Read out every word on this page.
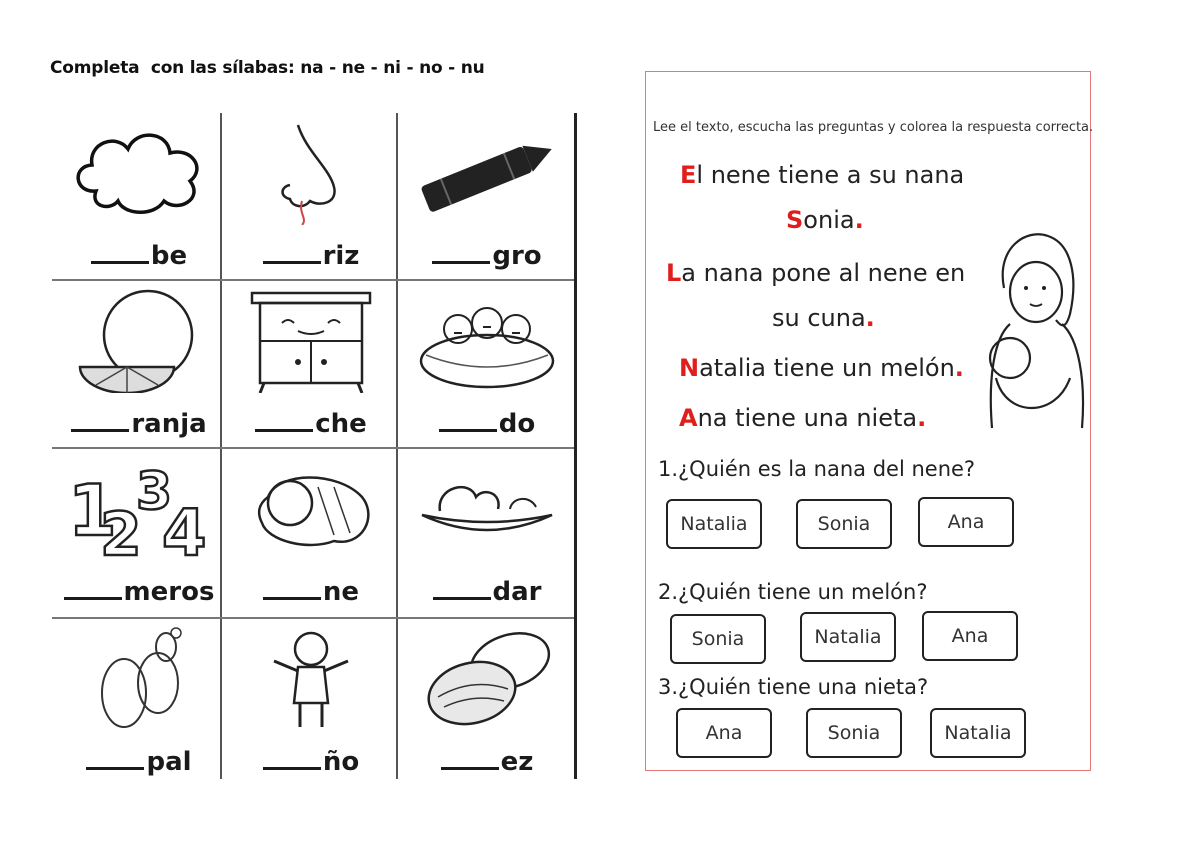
Completa  con las sílabas: na - ne - ni - no - nu
be	riz	gro
ranja	che	do
1
2
3
4
meros	ne	dar
pal	ño	ez
Lee el texto, escucha las preguntas y colorea la respuesta correcta.
El nene tiene a su nana
Sonia.
La nana pone al nene en
su cuna.
Natalia tiene un melón.
Ana tiene una nieta.
1.¿Quién es la nana del nene?
Natalia	Sonia	Ana
2.¿Quién tiene un melón?
Sonia	Natalia	Ana
3.¿Quién tiene una nieta?
Ana	Sonia	Natalia
